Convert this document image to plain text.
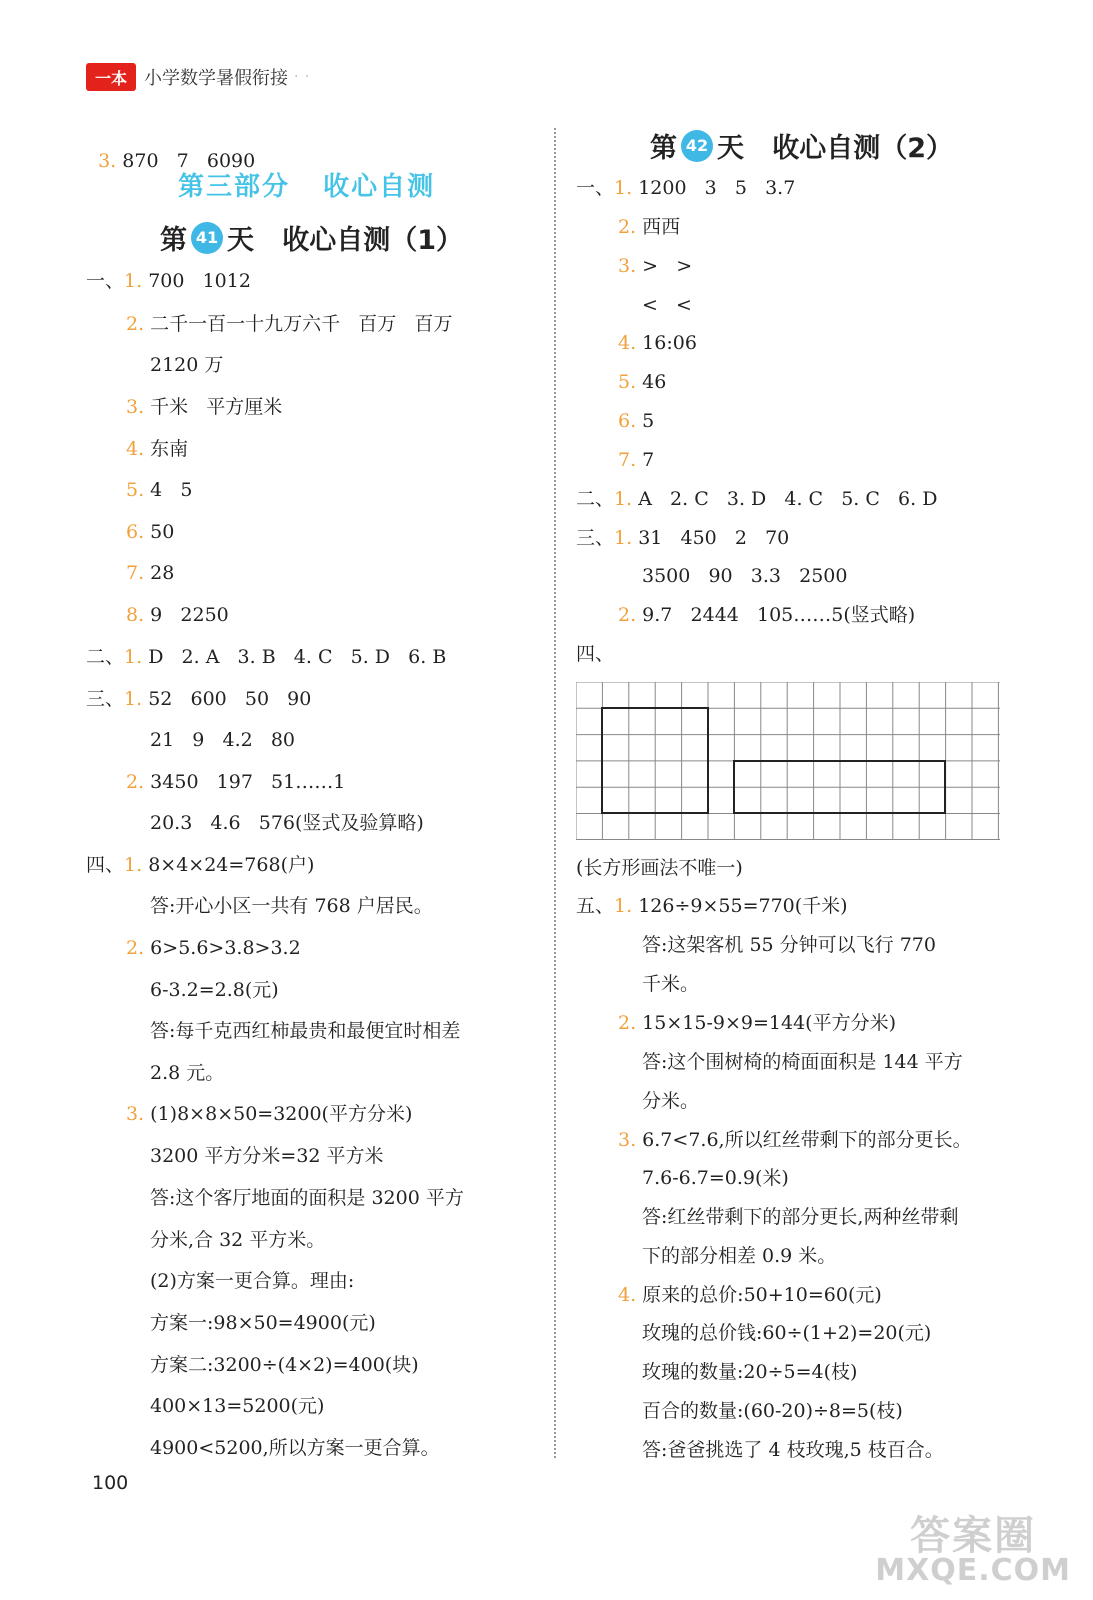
一本 小学数学暑假衔接 · ·

3. 870   7   6090

第三部分   收心自测
第 41 天   收心自测（1）
一、1. 700   1012
2. 二千一百一十九万六千   百万   百万
2120 万
3. 千米   平方厘米
4. 东南
5. 4   5
6. 50
7. 28
8. 9   2250
二、1. D   2. A   3. B   4. C   5. D   6. B
三、1. 52   600   50   90
21   9   4.2   80
2. 3450   197   51……1
20.3   4.6   576(竖式及验算略)
四、1. 8×4×24=768(户)
答:开心小区一共有 768 户居民。
2. 6>5.6>3.8>3.2
6-3.2=2.8(元)
答:每千克西红柿最贵和最便宜时相差
2.8 元。
3. (1)8×8×50=3200(平方分米)
3200 平方分米=32 平方米
答:这个客厅地面的面积是 3200 平方
分米,合 32 平方米。
(2)方案一更合算。理由:
方案一:98×50=4900(元)
方案二:3200÷(4×2)=400(块)
400×13=5200(元)
4900<5200,所以方案一更合算。
第 42 天   收心自测（2）
一、1. 1200   3   5   3.7
2. 西西
3. >   >
<   <
4. 16:06
5. 46
6. 5
7. 7
二、1. A   2. C   3. D   4. C   5. C   6. D
三、1. 31   450   2   70
3500   90   3.3   2500
2. 9.7   2444   105……5(竖式略)
四、
(长方形画法不唯一)
五、1. 126÷9×55=770(千米)
答:这架客机 55 分钟可以飞行 770
千米。
2. 15×15-9×9=144(平方分米)
答:这个围树椅的椅面面积是 144 平方
分米。
3. 6.7<7.6,所以红丝带剩下的部分更长。
7.6-6.7=0.9(米)
答:红丝带剩下的部分更长,两种丝带剩
下的部分相差 0.9 米。
4. 原来的总价:50+10=60(元)
玫瑰的总价钱:60÷(1+2)=20(元)
玫瑰的数量:20÷5=4(枝)
百合的数量:(60-20)÷8=5(枝)
答:爸爸挑选了 4 枝玫瑰,5 枝百合。
100
答案圈
MXQE.COM
